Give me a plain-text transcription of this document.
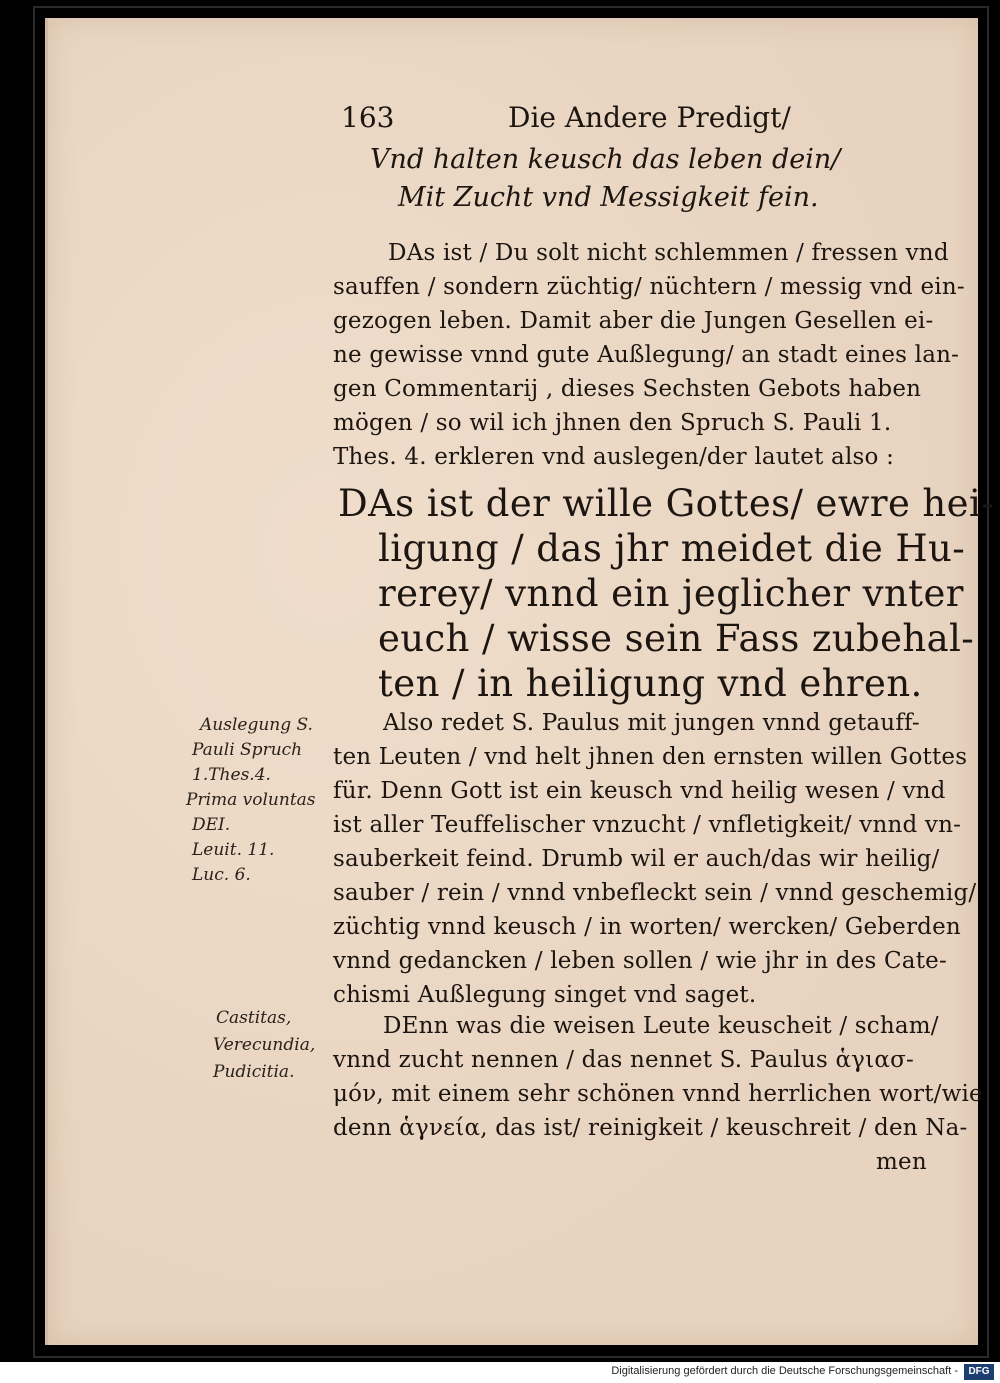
163	Die Andere Predigt/
Vnd halten keusch das leben dein/
Mit Zucht vnd Messigkeit fein.
DAs ist / Du solt nicht schlemmen / fressen vnd
sauffen / sondern züchtig/ nüchtern / messig vnd ein-
gezogen leben. Damit aber die Jungen Gesellen ei-
ne gewisse vnnd gute Außlegung/ an stadt eines lan-
gen Commentarij , dieses Sechsten Gebots haben
mögen / so wil ich jhnen den Spruch S. Pauli 1.
Thes. 4. erkleren vnd auslegen/der lautet also :
DAs ist der wille Gottes/ ewre hei-
ligung / das jhr meidet die Hu-
rerey/ vnnd ein jeglicher vnter
euch / wisse sein Fass zubehal-
ten / in heiligung vnd ehren.
Auslegung S.
Pauli Spruch
1.Thes.4.
Prima voluntas
DEI.
Leuit. 11.
Luc. 6.
Also redet S. Paulus mit jungen vnnd getauff-
ten Leuten / vnd helt jhnen den ernsten willen Gottes
für. Denn Gott ist ein keusch vnd heilig wesen / vnd
ist aller Teuffelischer vnzucht / vnfletigkeit/ vnnd vn-
sauberkeit feind. Drumb wil er auch/das wir heilig/
sauber / rein / vnnd vnbefleckt sein / vnnd geschemig/
züchtig vnnd keusch / in worten/ wercken/ Geberden
vnnd gedancken / leben sollen / wie jhr in des Cate-
chismi Außlegung singet vnd saget.
Castitas,
Verecundia,
Pudicitia.
DEnn was die weisen Leute keuscheit / scham/
vnnd zucht nennen / das nennet S. Paulus ἁγιασ-
μόν, mit einem sehr schönen vnnd herrlichen wort/wie
denn ἁγνεία, das ist/ reinigkeit / keuschreit / den Na-
men
Digitalisierung gefördert durch die Deutsche Forschungsgemeinschaft -	DFG
